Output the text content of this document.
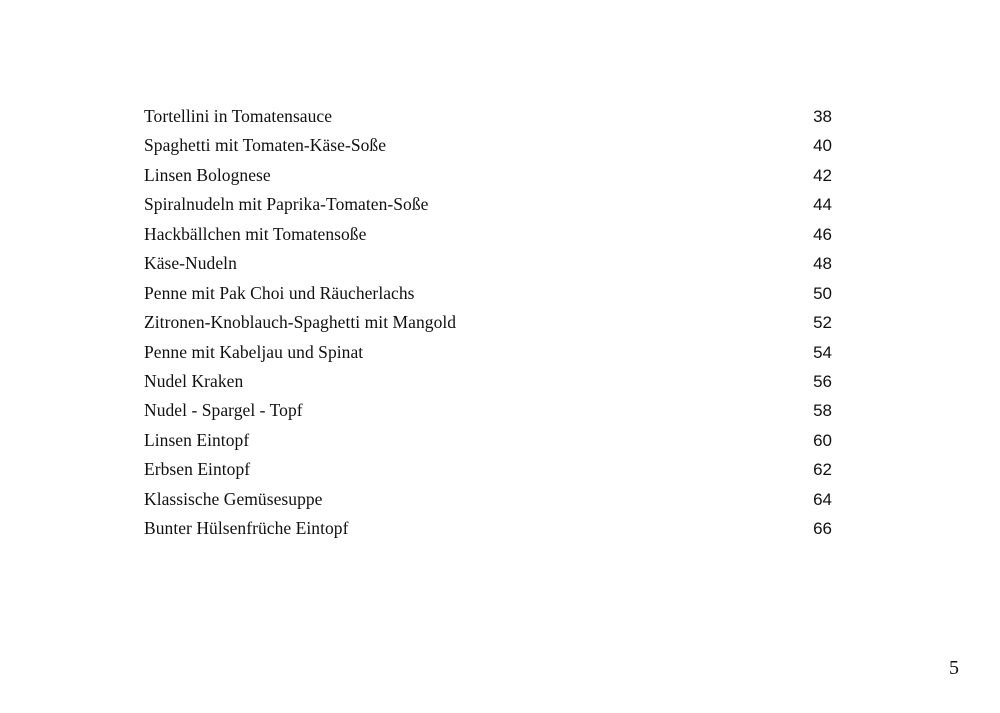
Tortellini in Tomatensauce	38
Spaghetti mit Tomaten-Käse-Soße	40
Linsen Bolognese	42
Spiralnudeln mit Paprika-Tomaten-Soße	44
Hackbällchen mit Tomatensoße	46
Käse-Nudeln	48
Penne mit Pak Choi und Räucherlachs	50
Zitronen-Knoblauch-Spaghetti mit Mangold	52
Penne mit Kabeljau und Spinat	54
Nudel Kraken	56
Nudel - Spargel - Topf	58
Linsen Eintopf	60
Erbsen Eintopf	62
Klassische Gemüsesuppe	64
Bunter Hülsenfrüche Eintopf	66
5
